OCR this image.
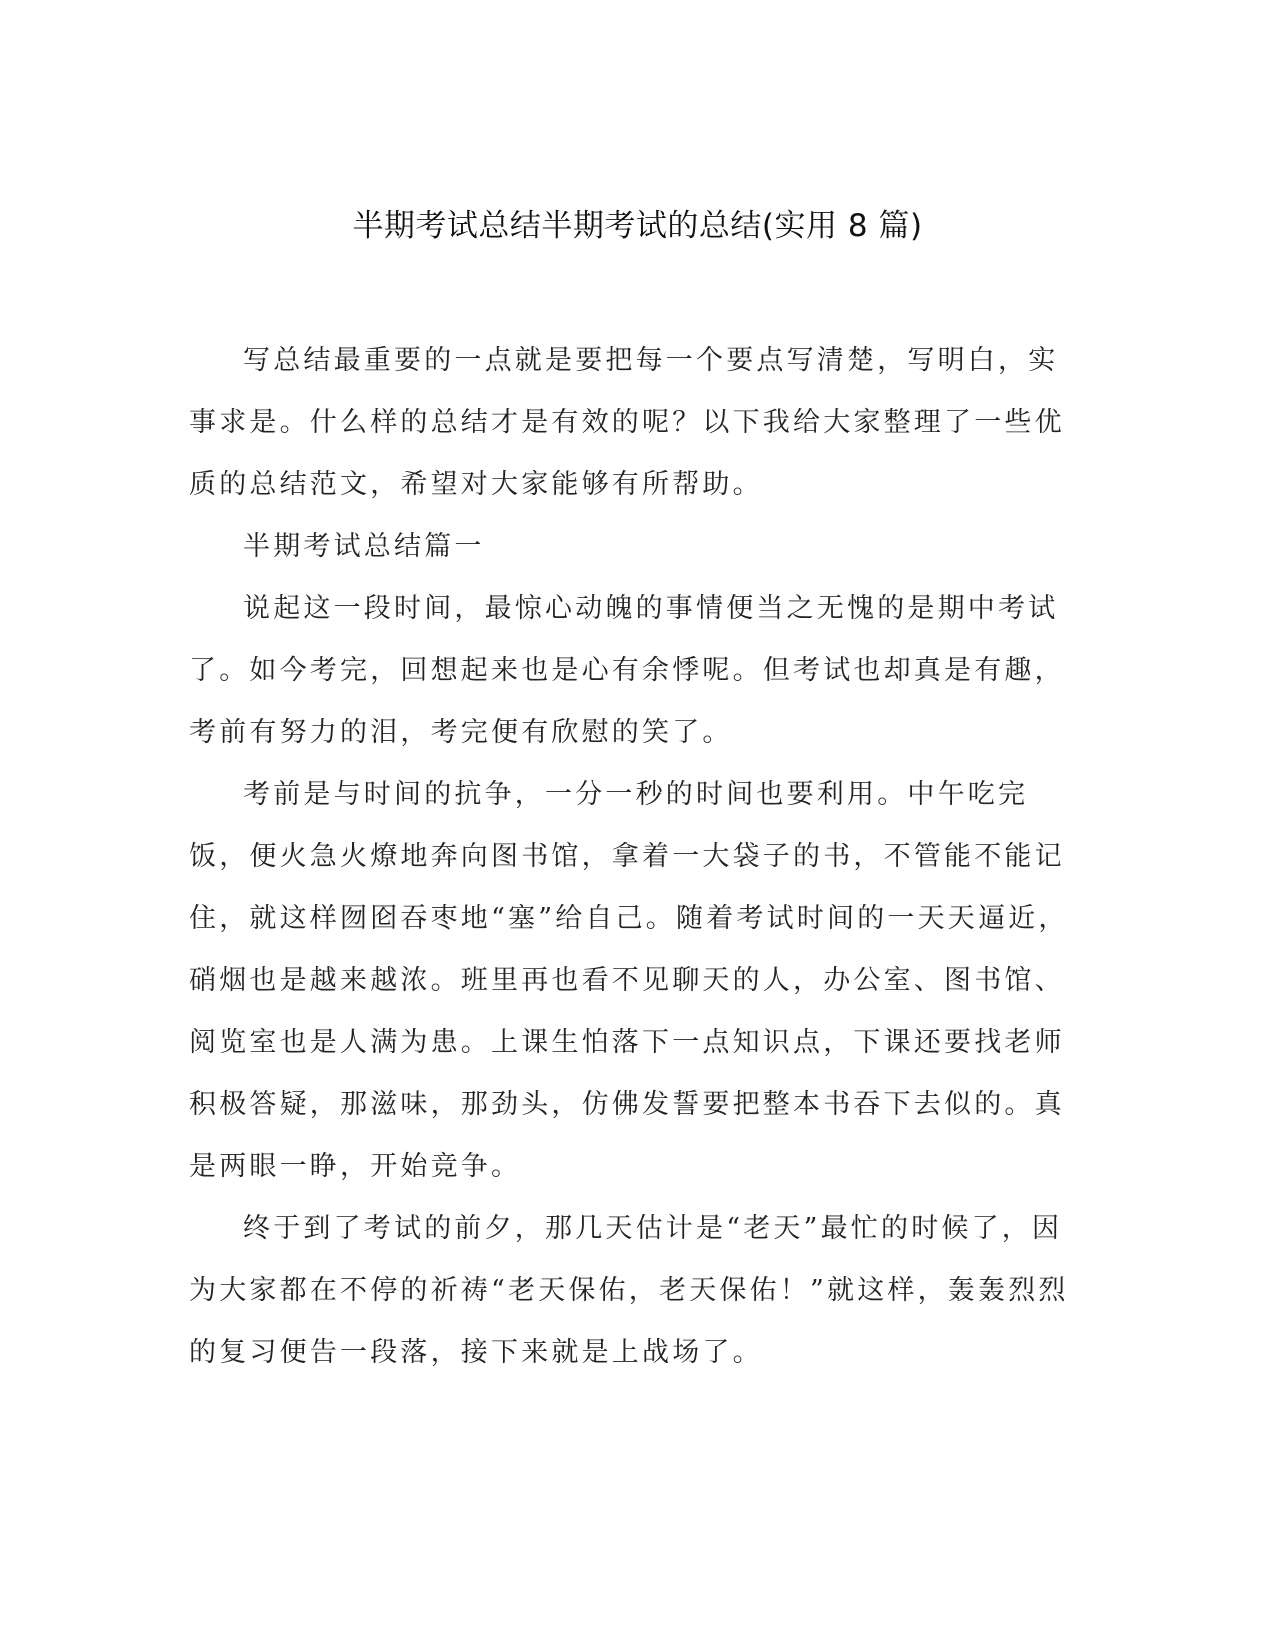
半期考试总结半期考试的总结(实用 8 篇)

写总结最重要的一点就是要把每一个要点写清楚，写明白，实事求是。什么样的总结才是有效的呢？以下我给大家整理了一些优质的总结范文，希望对大家能够有所帮助。

半期考试总结篇一

说起这一段时间，最惊心动魄的事情便当之无愧的是期中考试了。如今考完，回想起来也是心有余悸呢。但考试也却真是有趣，考前有努力的泪，考完便有欣慰的笑了。

考前是与时间的抗争，一分一秒的时间也要利用。中午吃完饭，便火急火燎地奔向图书馆，拿着一大袋子的书，不管能不能记住，就这样囫囵吞枣地“塞”给自己。随着考试时间的一天天逼近，硝烟也是越来越浓。班里再也看不见聊天的人，办公室、图书馆、阅览室也是人满为患。上课生怕落下一点知识点，下课还要找老师积极答疑，那滋味，那劲头，仿佛发誓要把整本书吞下去似的。真是两眼一睁，开始竞争。

终于到了考试的前夕，那几天估计是“老天”最忙的时候了，因为大家都在不停的祈祷“老天保佑，老天保佑！”就这样，轰轰烈烈的复习便告一段落，接下来就是上战场了。
